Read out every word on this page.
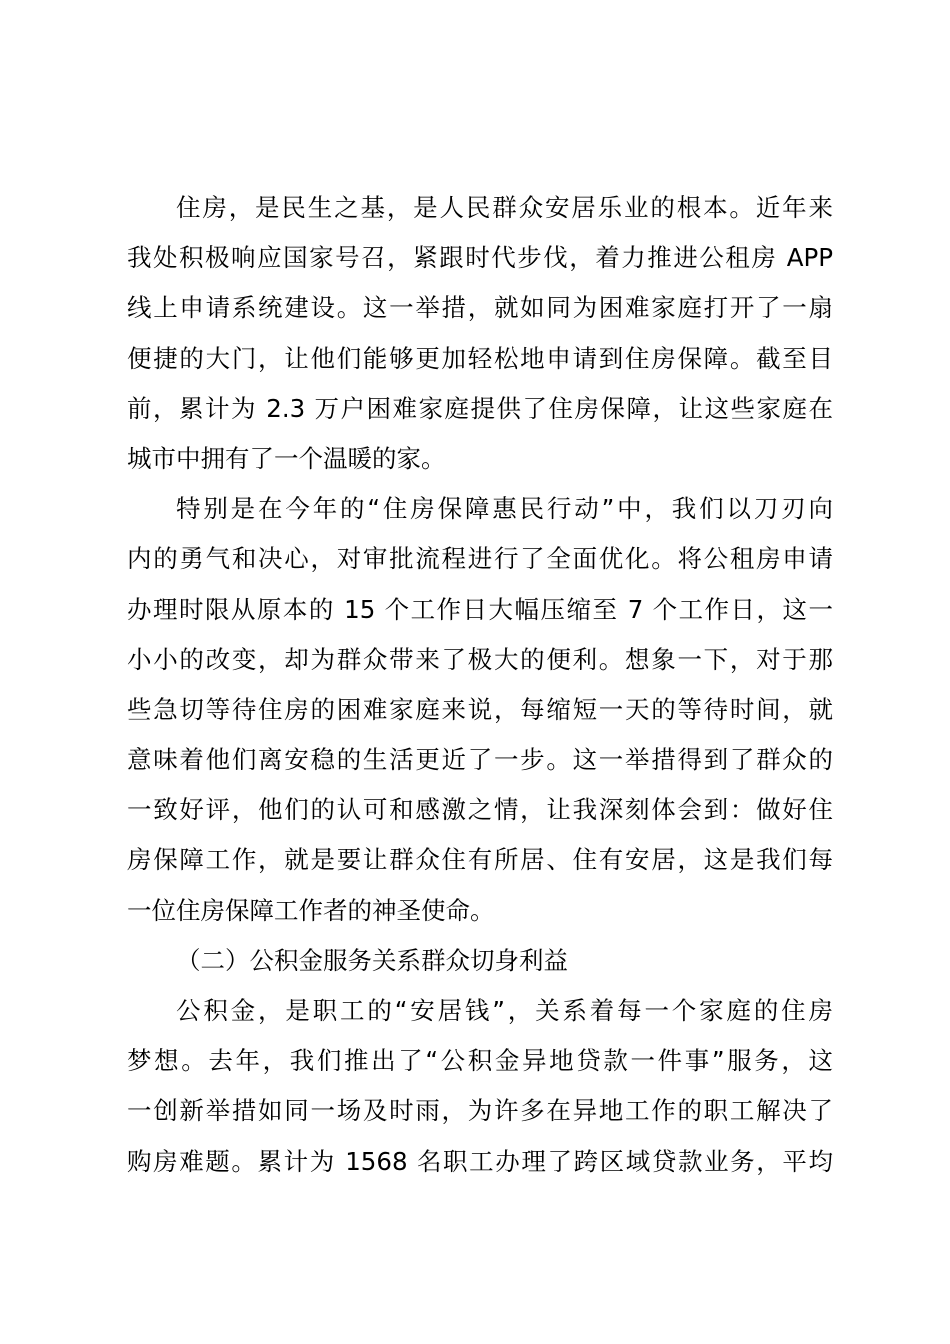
住房，是民生之基，是人民群众安居乐业的根本。近年来
我处积极响应国家号召，紧跟时代步伐，着力推进公租房 APP
线上申请系统建设。这一举措，就如同为困难家庭打开了一扇
便捷的大门，让他们能够更加轻松地申请到住房保障。截至目
前，累计为 2.3 万户困难家庭提供了住房保障，让这些家庭在
城市中拥有了一个温暖的家。
特别是在今年的“住房保障惠民行动”中，我们以刀刃向
内的勇气和决心，对审批流程进行了全面优化。将公租房申请
办理时限从原本的 15 个工作日大幅压缩至 7 个工作日，这一
小小的改变，却为群众带来了极大的便利。想象一下，对于那
些急切等待住房的困难家庭来说，每缩短一天的等待时间，就
意味着他们离安稳的生活更近了一步。这一举措得到了群众的
一致好评，他们的认可和感激之情，让我深刻体会到：做好住
房保障工作，就是要让群众住有所居、住有安居，这是我们每
一位住房保障工作者的神圣使命。
（二）公积金服务关系群众切身利益
公积金，是职工的“安居钱”，关系着每一个家庭的住房
梦想。去年，我们推出了“公积金异地贷款一件事”服务，这
一创新举措如同一场及时雨，为许多在异地工作的职工解决了
购房难题。累计为 1568 名职工办理了跨区域贷款业务，平均
